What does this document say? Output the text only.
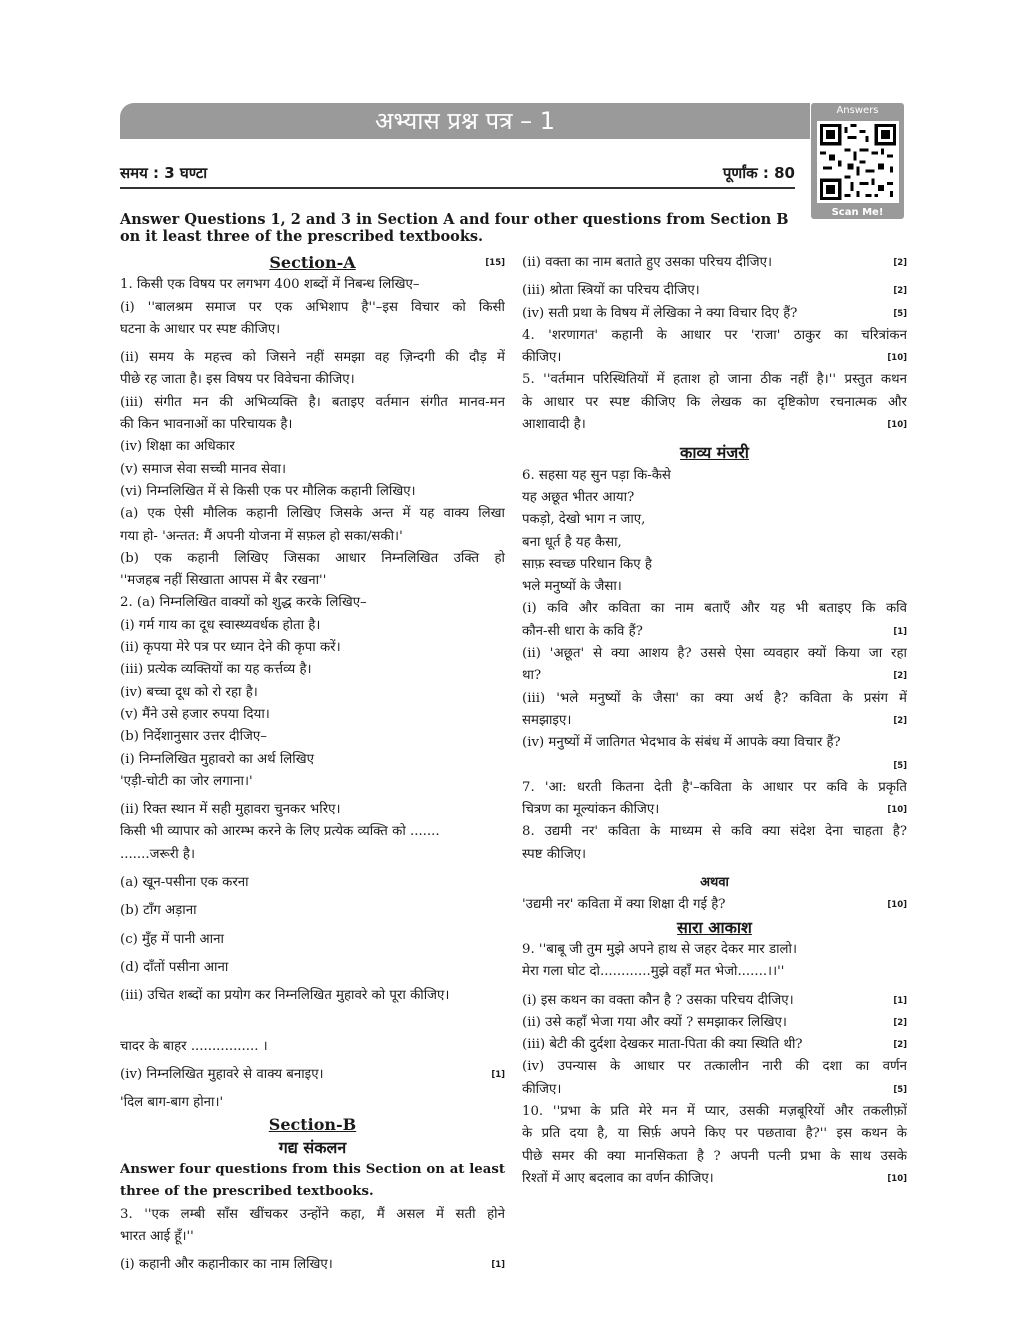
अभ्यास प्रश्न पत्र – 1	Answers
Scan Me!
समय : 3 घण्टा	पूर्णांक : 80
Answer Questions 1, 2 and 3 in Section A and four other questions from Section B on it least three of the prescribed textbooks.
Section-A	[15]
1. किसी एक विषय पर लगभग 400 शब्दों में निबन्ध लिखिए–
(i) ''बालश्रम समाज पर एक अभिशाप है''–इस विचार को किसी
घटना के आधार पर स्पष्ट कीजिए।
(ii) समय के महत्त्व को जिसने नहीं समझा वह ज़िन्दगी की दौड़ में
पीछे रह जाता है। इस विषय पर विवेचना कीजिए।
(iii) संगीत मन की अभिव्यक्ति है। बताइए वर्तमान संगीत मानव-मन
की किन भावनाओं का परिचायक है।
(iv) शिक्षा का अधिकार
(v) समाज सेवा सच्ची मानव सेवा।
(vi) निम्नलिखित में से किसी एक पर मौलिक कहानी लिखिए।
(a) एक ऐसी मौलिक कहानी लिखिए जिसके अन्त में यह वाक्य लिखा
गया हो- 'अन्तत: मैं अपनी योजना में सफ़ल हो सका/सकी।'
(b) एक कहानी लिखिए जिसका आधार निम्नलिखित उक्ति हो
''मजहब नहीं सिखाता आपस में बैर रखना''
2. (a) निम्नलिखित वाक्यों को शुद्ध करके लिखिए–
(i) गर्म गाय का दूध स्वास्थ्यवर्धक होता है।
(ii) कृपया मेरे पत्र पर ध्यान देने की कृपा करें।
(iii) प्रत्येक व्यक्तियों का यह कर्त्तव्य है।
(iv) बच्चा दूध को रो रहा है।
(v) मैंने उसे हजार रुपया दिया।
(b) निर्देशानुसार उत्तर दीजिए–
(i) निम्नलिखित मुहावरो का अर्थ लिखिए
'एड़ी-चोटी का जोर लगाना।'
(ii) रिक्त स्थान में सही मुहावरा चुनकर भरिए।
किसी भी व्यापार को आरम्भ करने के लिए प्रत्येक व्यक्ति को .......
.......जरूरी है।
(a) खून-पसीना एक करना
(b) टाँग अड़ाना
(c) मुँह में पानी आना
(d) दाँतों पसीना आना
(iii) उचित शब्दों का प्रयोग कर निम्नलिखित मुहावरे को पूरा कीजिए।
चादर के बाहर ................ ।
(iv) निम्नलिखित मुहावरे से वाक्य बनाइए।	[1]
'दिल बाग-बाग होना।'
Section-B
गद्य संकलन
Answer four questions from this Section on at least
three of the prescribed textbooks.
3. ''एक लम्बी साँस खींचकर उन्होंने कहा, मैं असल में सती होने
भारत आई हूँ।''
(i) कहानी और कहानीकार का नाम लिखिए।	[1]
(ii) वक्ता का नाम बताते हुए उसका परिचय दीजिए।	[2]
(iii) श्रोता स्त्रियों का परिचय दीजिए।	[2]
(iv) सती प्रथा के विषय में लेखिका ने क्या विचार दिए हैं?	[5]
4. 'शरणागत' कहानी के आधार पर 'राजा' ठाकुर का चरित्रांकन
कीजिए।	[10]
5. ''वर्तमान परिस्थितियों में हताश हो जाना ठीक नहीं है।'' प्रस्तुत कथन
के आधार पर स्पष्ट कीजिए कि लेखक का दृष्टिकोण रचनात्मक और
आशावादी है।	[10]
काव्य मंजरी
6. सहसा यह सुन पड़ा कि-कैसे
यह अछूत भीतर आया?
पकड़ो, देखो भाग न जाए,
बना धूर्त है यह कैसा,
साफ़ स्वच्छ परिधान किए है
भले मनुष्यों के जैसा।
(i) कवि और कविता का नाम बताएँ और यह भी बताइए कि कवि
कौन-सी धारा के कवि हैं?	[1]
(ii) 'अछूत' से क्या आशय है? उससे ऐसा व्यवहार क्यों किया जा रहा
था?	[2]
(iii) 'भले मनुष्यों के जैसा' का क्या अर्थ है? कविता के प्रसंग में
समझाइए।	[2]
(iv) मनुष्यों में जातिगत भेदभाव के संबंध में आपके क्या विचार हैं?
[5]

7. 'आ: धरती कितना देती है'–कविता के आधार पर कवि के प्रकृति
चित्रण का मूल्यांकन कीजिए।	[10]
8. उद्यमी नर' कविता के माध्यम से कवि क्या संदेश देना चाहता है?
स्पष्ट कीजिए।
अथवा
'उद्यमी नर' कविता में क्या शिक्षा दी गई है?	[10]
सारा आकाश
9. ''बाबू जी तुम मुझे अपने हाथ से जहर देकर मार डालो।
मेरा गला घोट दो............मुझे वहाँ मत भेजो.......।।''
(i) इस कथन का वक्ता कौन है ? उसका परिचय दीजिए।	[1]
(ii) उसे कहाँ भेजा गया और क्यों ? समझाकर लिखिए।	[2]
(iii) बेटी की दुर्दशा देखकर माता-पिता की क्या स्थिति थी?	[2]
(iv) उपन्यास के आधार पर तत्कालीन नारी की दशा का वर्णन
कीजिए।	[5]
10. ''प्रभा के प्रति मेरे मन में प्यार, उसकी मज़बूरियों और तकलीफ़ों
के प्रति दया है, या सिर्फ़ अपने किए पर पछतावा है?'' इस कथन के
पीछे समर की क्या मानसिकता है ? अपनी पत्नी प्रभा के साथ उसके
रिश्तों में आए बदलाव का वर्णन कीजिए।	[10]
